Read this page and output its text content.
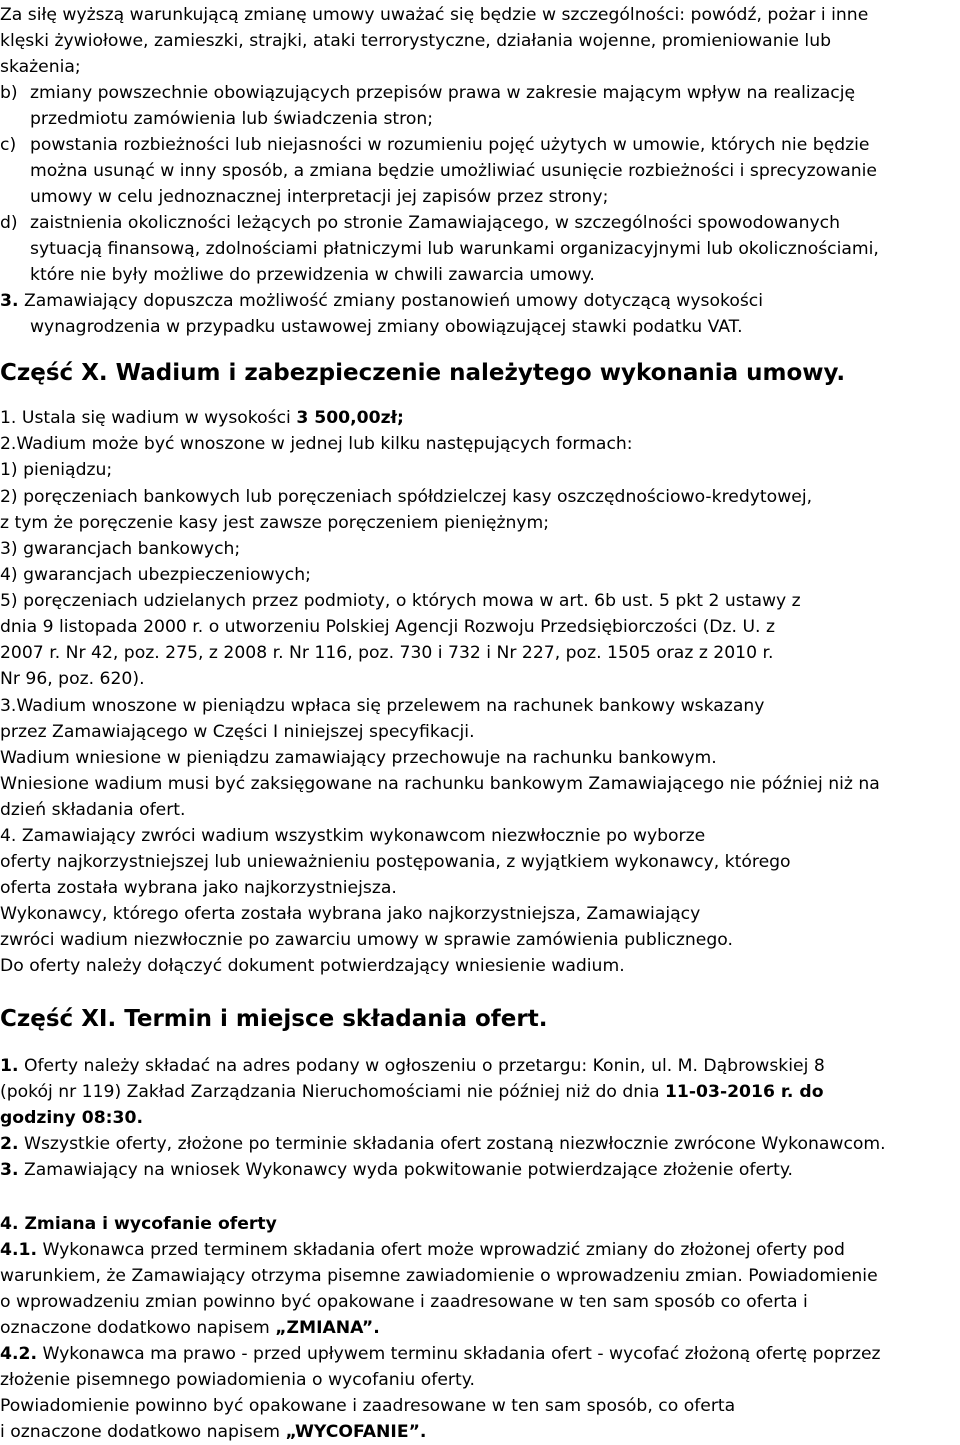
Za siłę wyższą warunkującą zmianę umowy uważać się będzie w szczególności: powódź, pożar i inne
klęski żywiołowe, zamieszki, strajki, ataki terrorystyczne, działania wojenne, promieniowanie lub
skażenia;
b) zmiany powszechnie obowiązujących przepisów prawa w zakresie mającym wpływ na realizację
przedmiotu zamówienia lub świadczenia stron;
c) powstania rozbieżności lub niejasności w rozumieniu pojęć użytych w umowie, których nie będzie
można usunąć w inny sposób, a zmiana będzie umożliwiać usunięcie rozbieżności i sprecyzowanie
umowy w celu jednoznacznej interpretacji jej zapisów przez strony;
d) zaistnienia okoliczności leżących po stronie Zamawiającego, w szczególności spowodowanych
sytuacją finansową, zdolnościami płatniczymi lub warunkami organizacyjnymi lub okolicznościami,
które nie były możliwe do przewidzenia w chwili zawarcia umowy.
3. Zamawiający dopuszcza możliwość zmiany postanowień umowy dotyczącą wysokości
wynagrodzenia w przypadku ustawowej zmiany obowiązującej stawki podatku VAT.
Część X. Wadium i zabezpieczenie należytego wykonania umowy.
1. Ustala się wadium w wysokości 3 500,00zł;
2.Wadium może być wnoszone w jednej lub kilku następujących formach:
1) pieniądzu;
2) poręczeniach bankowych lub poręczeniach spółdzielczej kasy oszczędnościowo-kredytowej,
z tym że poręczenie kasy jest zawsze poręczeniem pieniężnym;
3) gwarancjach bankowych;
4) gwarancjach ubezpieczeniowych;
5) poręczeniach udzielanych przez podmioty, o których mowa w art. 6b ust. 5 pkt 2 ustawy z
dnia 9 listopada 2000 r. o utworzeniu Polskiej Agencji Rozwoju Przedsiębiorczości (Dz. U. z
2007 r. Nr 42, poz. 275, z 2008 r. Nr 116, poz. 730 i 732 i Nr 227, poz. 1505 oraz z 2010 r.
Nr 96, poz. 620).
3.Wadium wnoszone w pieniądzu wpłaca się przelewem na rachunek bankowy wskazany
przez Zamawiającego w Części I niniejszej specyfikacji.
Wadium wniesione w pieniądzu zamawiający przechowuje na rachunku bankowym.
Wniesione wadium musi być zaksięgowane na rachunku bankowym Zamawiającego nie później niż na
dzień składania ofert.
4. Zamawiający zwróci wadium wszystkim wykonawcom niezwłocznie po wyborze
oferty najkorzystniejszej lub unieważnieniu postępowania, z wyjątkiem wykonawcy, którego
oferta została wybrana jako najkorzystniejsza.
Wykonawcy, którego oferta została wybrana jako najkorzystniejsza, Zamawiający
zwróci wadium niezwłocznie po zawarciu umowy w sprawie zamówienia publicznego.
Do oferty należy dołączyć dokument potwierdzający wniesienie wadium.
Część XI. Termin i miejsce składania ofert.
1. Oferty należy składać na adres podany w ogłoszeniu o przetargu: Konin, ul. M. Dąbrowskiej 8
(pokój nr 119) Zakład Zarządzania Nieruchomościami nie później niż do dnia 11-03-2016 r. do
godziny 08:30.
2. Wszystkie oferty, złożone po terminie składania ofert zostaną niezwłocznie zwrócone Wykonawcom.
3. Zamawiający na wniosek Wykonawcy wyda pokwitowanie potwierdzające złożenie oferty.
4. Zmiana i wycofanie oferty
4.1. Wykonawca przed terminem składania ofert może wprowadzić zmiany do złożonej oferty pod
warunkiem, że Zamawiający otrzyma pisemne zawiadomienie o wprowadzeniu zmian. Powiadomienie
o wprowadzeniu zmian powinno być opakowane i zaadresowane w ten sam sposób co oferta i
oznaczone dodatkowo napisem „ZMIANA”.
4.2. Wykonawca ma prawo - przed upływem terminu składania ofert - wycofać złożoną ofertę poprzez
złożenie pisemnego powiadomienia o wycofaniu oferty.
Powiadomienie powinno być opakowane i zaadresowane w ten sam sposób, co oferta
i oznaczone dodatkowo napisem „WYCOFANIE”.
